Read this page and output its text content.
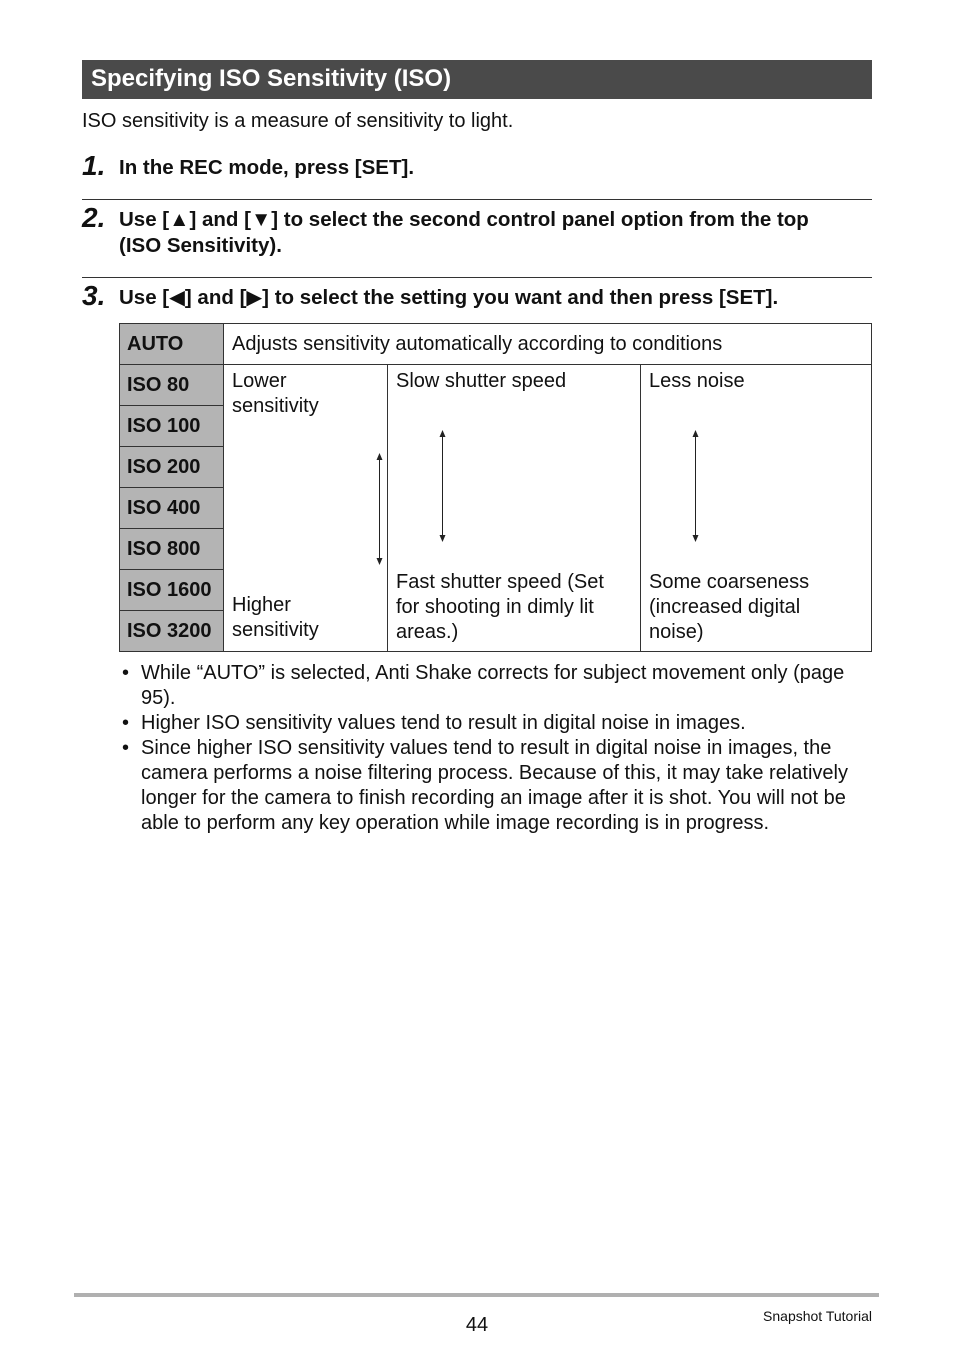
Specifying ISO Sensitivity (ISO)
ISO sensitivity is a measure of sensitivity to light.
1. In the REC mode, press [SET].
2. Use [▲] and [▼] to select the second control panel option from the top
(ISO Sensitivity).
3. Use [◀] and [▶] to select the setting you want and then press [SET].
AUTO	Adjusts sensitivity automatically according to conditions
ISO 80
ISO 100
ISO 200
ISO 400
ISO 800
ISO 1600
ISO 3200
Lower sensitivity
Higher sensitivity
Slow shutter speed
Fast shutter speed (Set for shooting in dimly lit areas.)
Less noise
Some coarseness (increased digital noise)
• While “AUTO” is selected, Anti Shake corrects for subject movement only (page 95).
• Higher ISO sensitivity values tend to result in digital noise in images.
• Since higher ISO sensitivity values tend to result in digital noise in images, the camera performs a noise filtering process. Because of this, it may take relatively longer for the camera to finish recording an image after it is shot. You will not be able to perform any key operation while image recording is in progress.
44	Snapshot Tutorial
